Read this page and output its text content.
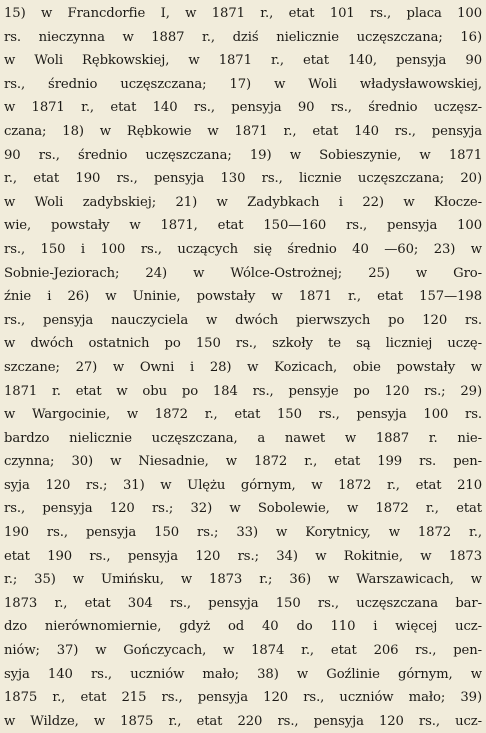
15) w Francdorfie I, w 1871 r., etat 101 rs., placa 100
rs. nieczynna w 1887 r., dziś nielicznie uczęszczana; 16)
w Woli Rębkowskiej, w 1871 r., etat 140, pensyja 90
rs., średnio uczęszczana; 17) w Woli władysławowskiej,
w 1871 r., etat 140 rs., pensyja 90 rs., średnio uczęsz-
czana; 18) w Rębkowie w 1871 r., etat 140 rs., pensyja
90 rs., średnio uczęszczana; 19) w Sobieszynie, w 1871
r., etat 190 rs., pensyja 130 rs., licznie uczęszczana; 20)
w Woli zadybskiej; 21) w Zadybkach i 22) w Kłocze-
wie, powstały w 1871, etat 150—160 rs., pensyja 100
rs., 150 i 100 rs., uczących się średnio 40 —60; 23) w
Sobnie-Jeziorach; 24) w Wólce-Ostrożnej; 25) w Gro-
źnie i 26) w Uninie, powstały w 1871 r., etat 157—198
rs., pensyja nauczyciela w dwóch pierwszych po 120 rs.
w dwóch ostatnich po 150 rs., szkoły te są liczniej uczę-
szczane; 27) w Owni i 28) w Kozicach, obie powstały w
1871 r. etat w obu po 184 rs., pensyje po 120 rs.; 29)
w Wargocinie, w 1872 r., etat 150 rs., pensyja 100 rs.
bardzo nielicznie uczęszczana, a nawet w 1887 r. nie-
czynna; 30) w Niesadnie, w 1872 r., etat 199 rs. pen-
syja 120 rs.; 31) w Ulężu górnym, w 1872 r., etat 210
rs., pensyja 120 rs.; 32) w Sobolewie, w 1872 r., etat
190 rs., pensyja 150 rs.; 33) w Korytnicy, w 1872 r.,
etat 190 rs., pensyja 120 rs.; 34) w Rokitnie, w 1873
r.; 35) w Umińsku, w 1873 r.; 36) w Warszawicach, w
1873 r., etat 304 rs., pensyja 150 rs., uczęszczana bar-
dzo nierównomiernie, gdyż od 40 do 110 i więcej ucz-
niów; 37) w Gończycach, w 1874 r., etat 206 rs., pen-
syja 140 rs., uczniów mało; 38) w Goźlinie górnym, w
1875 r., etat 215 rs., pensyja 120 rs., uczniów mało; 39)
w Wildze, w 1875 r., etat 220 rs., pensyja 120 rs., ucz-
